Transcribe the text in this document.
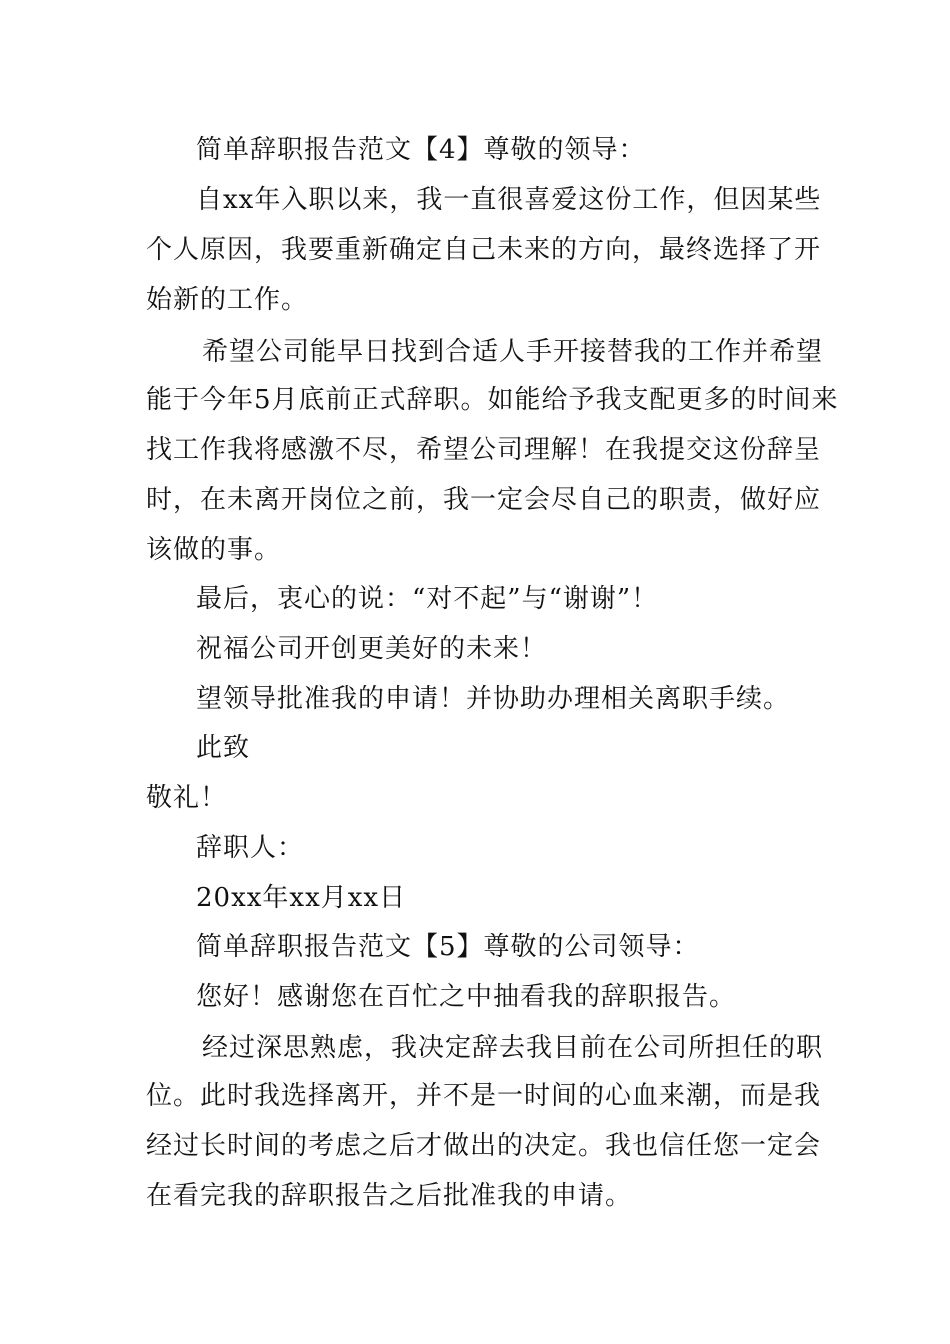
简单辞职报告范文【4】尊敬的领导：
自xx年入职以来，我一直很喜爱这份工作，但因某些
个人原因，我要重新确定自己未来的方向，最终选择了开
始新的工作。
希望公司能早日找到合适人手开接替我的工作并希望
能于今年5月底前正式辞职。如能给予我支配更多的时间来
找工作我将感激不尽，希望公司理解！在我提交这份辞呈
时，在未离开岗位之前，我一定会尽自己的职责，做好应
该做的事。
最后，衷心的说：“对不起”与“谢谢”！
祝福公司开创更美好的未来！
望领导批准我的申请！并协助办理相关离职手续。
此致
敬礼！
辞职人：
20xx年xx月xx日
简单辞职报告范文【5】尊敬的公司领导：
您好！感谢您在百忙之中抽看我的辞职报告。
经过深思熟虑，我决定辞去我目前在公司所担任的职
位。此时我选择离开，并不是一时间的心血来潮，而是我
经过长时间的考虑之后才做出的决定。我也信任您一定会
在看完我的辞职报告之后批准我的申请。
